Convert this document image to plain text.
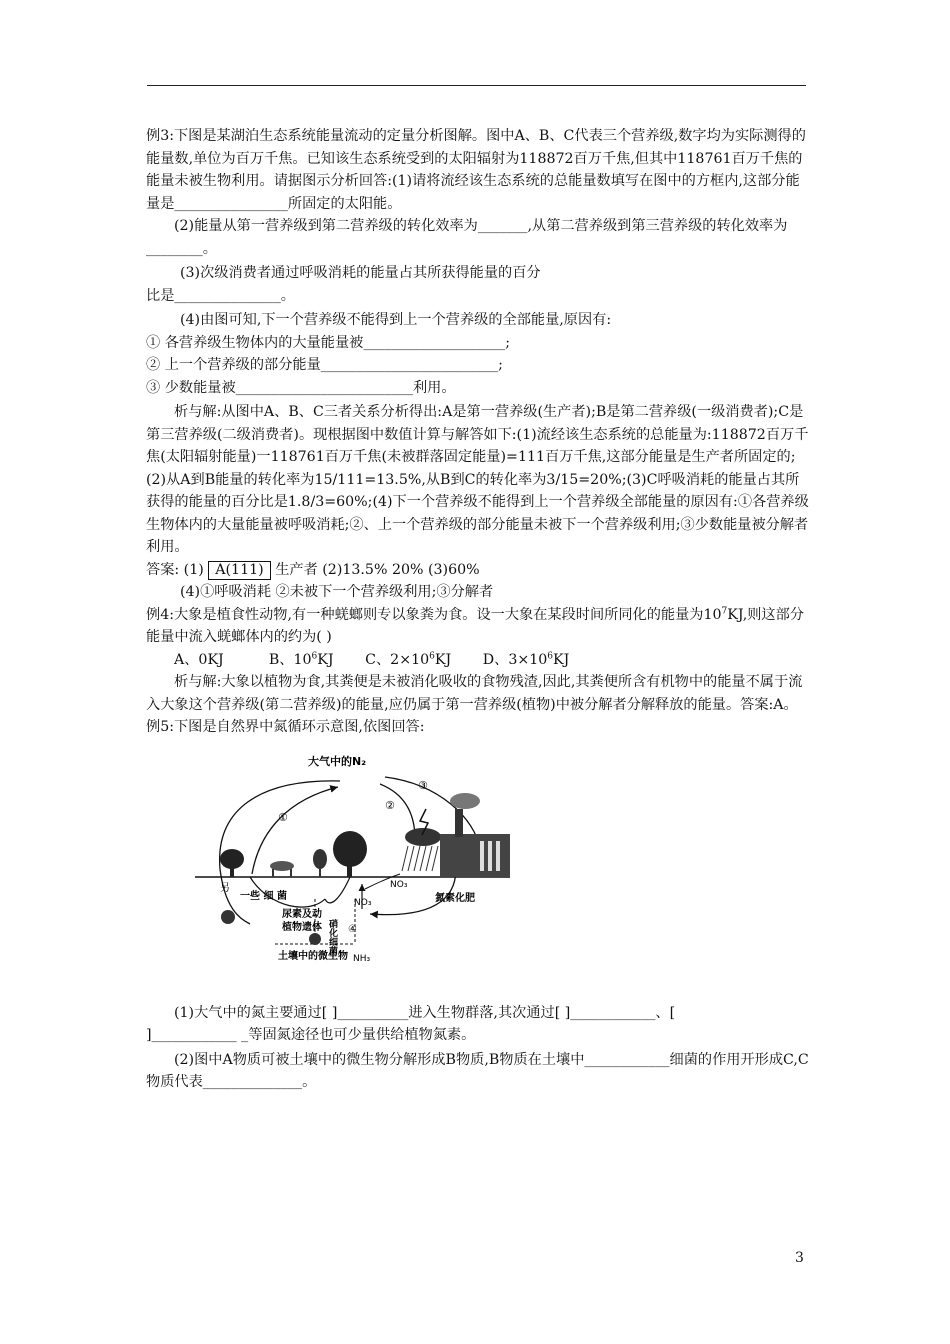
例3:下图是某湖泊生态系统能量流动的定量分析图解。图中A、B、C代表三个营养级,数字均为实际测得的能量数,单位为百万千焦。已知该生态系统受到的太阳辐射为118872百万千焦,但其中118761百万千焦的能量未被生物利用。请据图示分析回答:(1)请将流经该生态系统的总能量数填写在图中的方框内,这部分能量是________________所固定的太阳能。

(2)能量从第一营养级到第二营养级的转化效率为_______,从第二营养级到第三营养级的转化效率为________。

(3)次级消费者通过呼吸消耗的能量占其所获得能量的百分

比是_______________。

(4)由图可知,下一个营养级不能得到上一个营养级的全部能量,原因有:

① 各营养级生物体内的大量能量被____________________;

② 上一个营养级的部分能量_________________________;

③ 少数能量被_________________________利用。

析与解:从图中A、B、C三者关系分析得出:A是第一营养级(生产者);B是第二营养级(一级消费者);C是第三营养级(二级消费者)。现根据图中数值计算与解答如下:(1)流经该生态系统的总能量为:118872百万千焦(太阳辐射能量)一118761百万千焦(未被群落固定能量)=111百万千焦,这部分能量是生产者所固定的;(2)从A到B能量的转化率为15/111=13.5%,从B到C的转化率为3/15=20%;(3)C呼吸消耗的能量占其所获得的能量的百分比是1.8/3=60%;(4)下一个营养级不能得到上一个营养级全部能量的原因有:①各营养级生物体内的大量能量被呼吸消耗;②、上一个营养级的部分能量未被下一个营养级利用;③少数能量被分解者利用。

答案: (1) A(111) 生产者 (2)13.5% 20% (3)60%

(4)①呼吸消耗 ②未被下一个营养级利用;③分解者

例4:大象是植食性动物,有一种蜣螂则专以象粪为食。设一大象在某段时间所同化的能量为$10^7KJ$,则这部分能量中流入蜣螂体内的约为( )

A、0KJ	B、$10^6KJ$ C、$2\times 10^6KJ$ D、$3\times 10^6KJ$

析与解:大象以植物为食,其粪便是未被消化吸收的食物残渣,因此,其粪便所含有机物中的能量不属于流入大象这个营养级(第二营养级)的能量,应仍属于第一营养级(植物)中被分解者分解释放的能量。答案:A。

例5:下图是自然界中氮循环示意图,依图回答:

大气中的N₂
①
②
③
④
另
一些 细 菌
NO₃
NO₃
NH₃
尿素及动
植物遗体 硝化细菌
土壤中的微生物
氮素化肥

(1)大气中的氮主要通过[ ]__________进入生物群落,其次通过[ ]____________、[

]____________ _等固氮途径也可少量供给植物氮素。

(2)图中A物质可被土壤中的微生物分解形成B物质,B物质在土壤中____________细菌的作用开形成C,C物质代表______________。

3
